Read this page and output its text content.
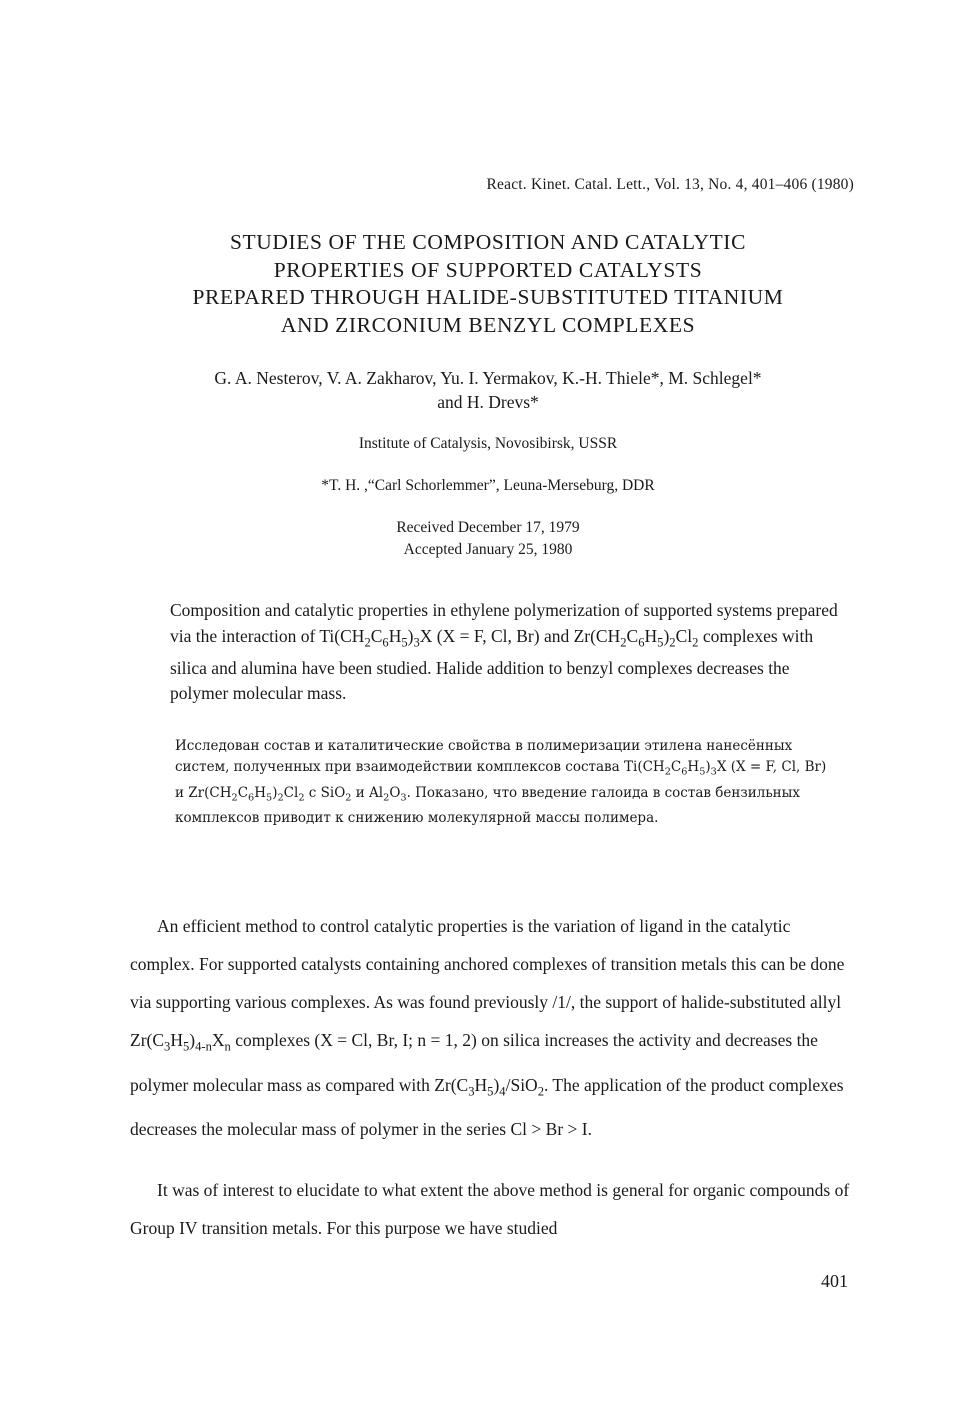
React. Kinet. Catal. Lett., Vol. 13, No. 4, 401–406 (1980)
STUDIES OF THE COMPOSITION AND CATALYTIC
PROPERTIES OF SUPPORTED CATALYSTS
PREPARED THROUGH HALIDE-SUBSTITUTED TITANIUM
AND ZIRCONIUM BENZYL COMPLEXES
G. A. Nesterov, V. A. Zakharov, Yu. I. Yermakov, K.-H. Thiele*, M. Schlegel*
and H. Drevs*
Institute of Catalysis, Novosibirsk, USSR
*T. H. ,“Carl Schorlemmer”, Leuna-Merseburg, DDR
Received December 17, 1979
Accepted January 25, 1980
Composition and catalytic properties in ethylene polymerization of supported systems prepared via the interaction of $Ti(CH_2C_6H_5)_3X$ (X = F, Cl, Br) and $Zr(CH_2C_6H_5)_2Cl_2$ complexes with silica and alumina have been studied. Halide addition to benzyl complexes decreases the polymer molecular mass.
Исследован состав и каталитические свойства в полимеризации этилена нанесённых систем, полученных при взаимодействии комплексов состава $Ti(CH_2C_6H_5)_3X$ (X = F, Cl, Br) и $Zr(CH_2C_6H_5)_2Cl_2$ с SiO$_2$ и $Al_2O_3$. Показано, что введение галоида в состав бензильных комплексов приводит к снижению молекулярной массы полимера.
An efficient method to control catalytic properties is the variation of ligand in the catalytic complex. For supported catalysts containing anchored complexes of transition metals this can be done via supporting various complexes. As was found previously /1/, the support of halide-substituted allyl $Zr(C_3H_5)_{4-n}X_n$ complexes (X = Cl, Br, I; n = 1, 2) on silica increases the activity and decreases the polymer molecular mass as compared with $Zr(C_3H_5)_4/SiO_2$. The application of the product complexes decreases the molecular mass of polymer in the series Cl > Br > I.
It was of interest to elucidate to what extent the above method is general for organic compounds of Group IV transition metals. For this purpose we have studied
401
